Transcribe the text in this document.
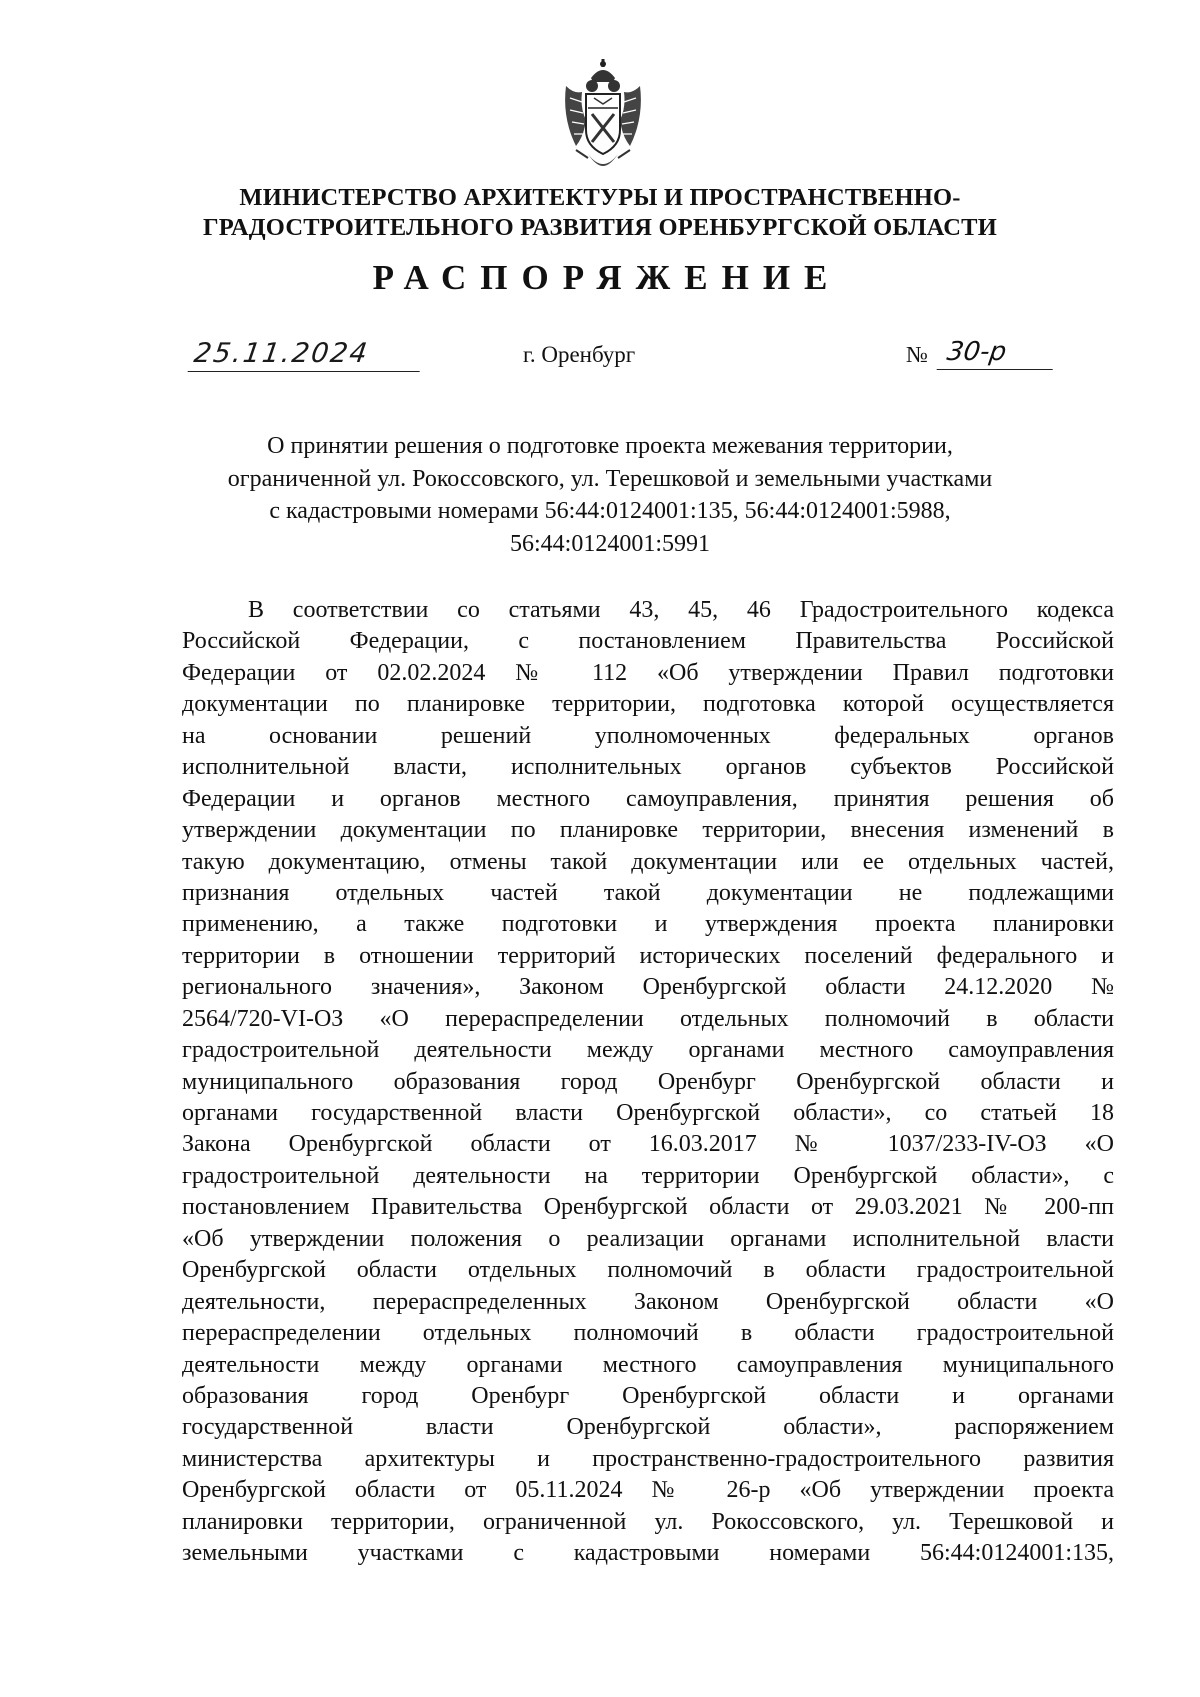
МИНИСТЕРСТВО АРХИТЕКТУРЫ И ПРОСТРАНСТВЕННО-
ГРАДОСТРОИТЕЛЬНОГО РАЗВИТИЯ ОРЕНБУРГСКОЙ ОБЛАСТИ
РАСПОРЯЖЕНИЕ
25.11.2024	г. Оренбург	№ 30-р
О принятии решения о подготовке проекта межевания территории,
ограниченной ул. Рокоссовского, ул. Терешковой и земельными участками
с кадастровыми номерами 56:44:0124001:135, 56:44:0124001:5988,
56:44:0124001:5991
В соответствии со статьями 43, 45, 46 Градостроительного кодекса
Российской Федерации, с постановлением Правительства Российской
Федерации от 02.02.2024 № 112 «Об утверждении Правил подготовки
документации по планировке территории, подготовка которой осуществляется
на основании решений уполномоченных федеральных органов
исполнительной власти, исполнительных органов субъектов Российской
Федерации и органов местного самоуправления, принятия решения об
утверждении документации по планировке территории, внесения изменений в
такую документацию, отмены такой документации или ее отдельных частей,
признания отдельных частей такой документации не подлежащими
применению, а также подготовки и утверждения проекта планировки
территории в отношении территорий исторических поселений федерального и
регионального значения», Законом Оренбургской области 24.12.2020 №
2564/720-VI-ОЗ «О перераспределении отдельных полномочий в области
градостроительной деятельности между органами местного самоуправления
муниципального образования город Оренбург Оренбургской области и
органами государственной власти Оренбургской области», со статьей 18
Закона Оренбургской области от 16.03.2017 № 1037/233-IV-ОЗ «О
градостроительной деятельности на территории Оренбургской области», с
постановлением Правительства Оренбургской области от 29.03.2021 № 200-пп
«Об утверждении положения о реализации органами исполнительной власти
Оренбургской области отдельных полномочий в области градостроительной
деятельности, перераспределенных Законом Оренбургской области «О
перераспределении отдельных полномочий в области градостроительной
деятельности между органами местного самоуправления муниципального
образования город Оренбург Оренбургской области и органами
государственной власти Оренбургской области», распоряжением
министерства архитектуры и пространственно-градостроительного развития
Оренбургской области от 05.11.2024 № 26-р «Об утверждении проекта
планировки территории, ограниченной ул. Рокоссовского, ул. Терешковой и
земельными участками с кадастровыми номерами 56:44:0124001:135,
